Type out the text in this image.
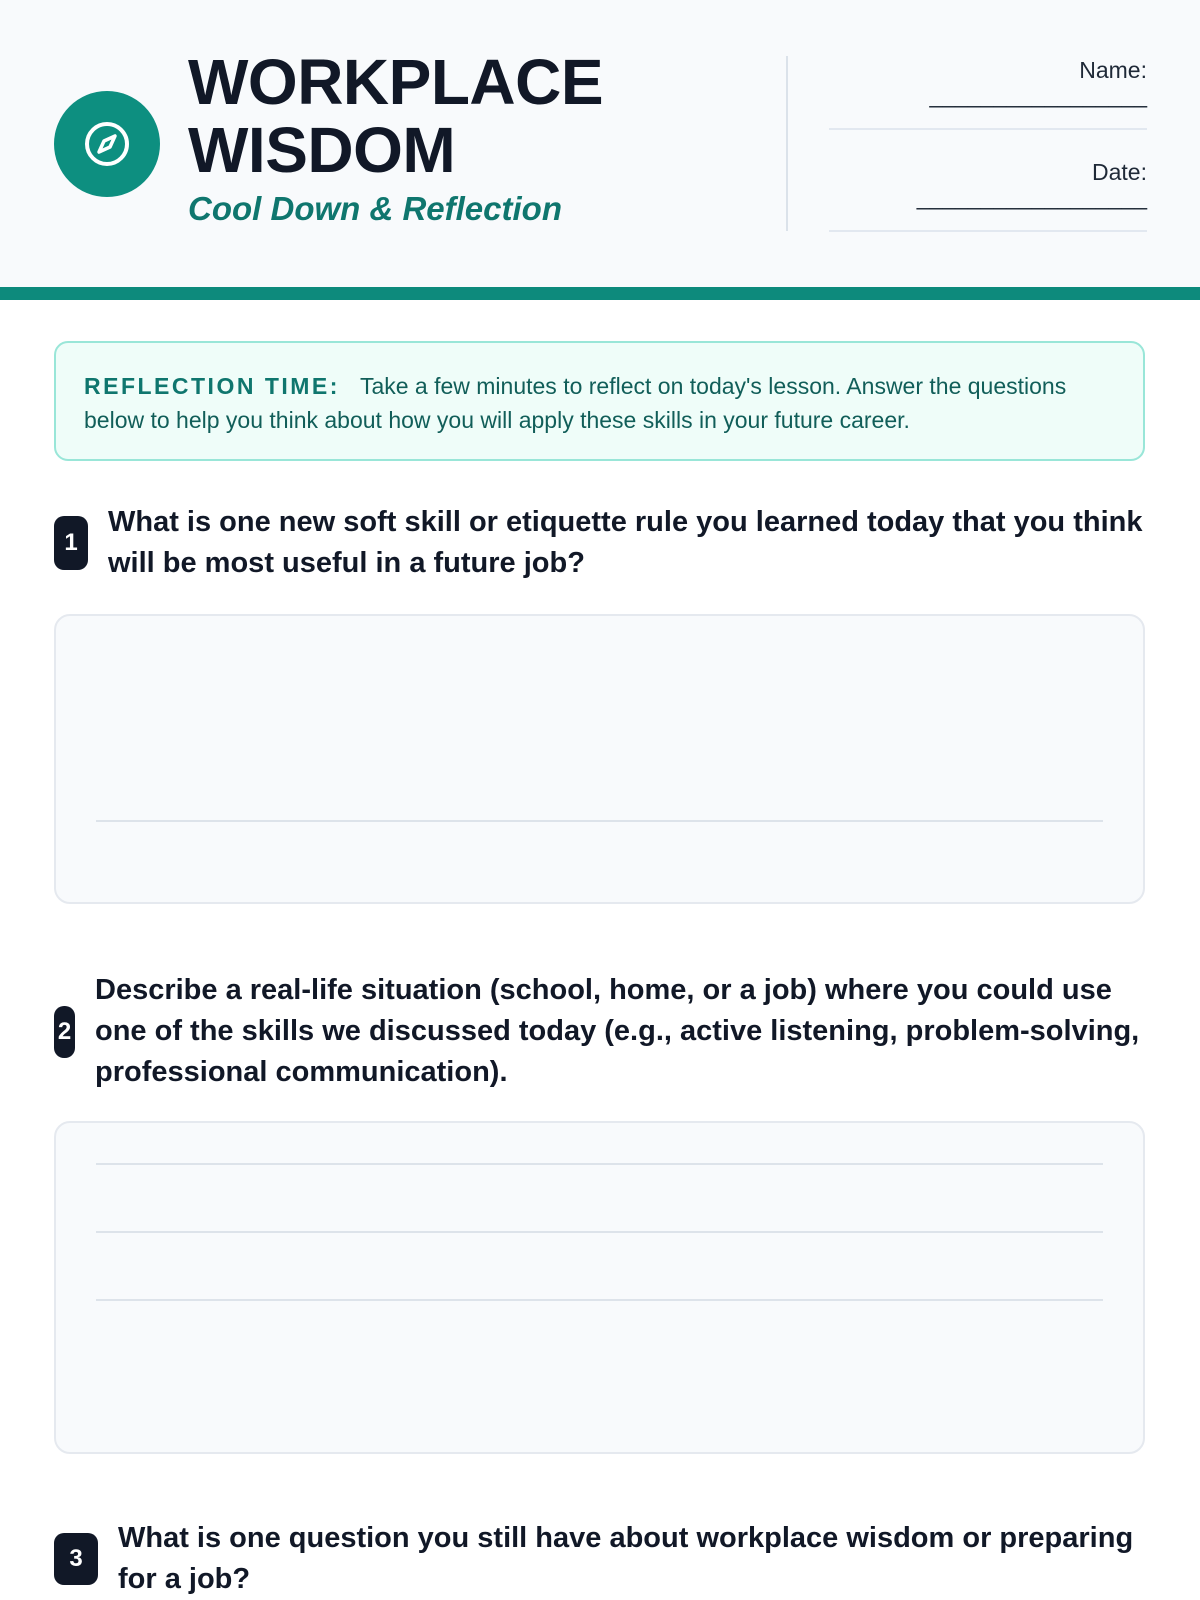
WORKPLACE
WISDOM
Cool Down & Reflection
Name:
_________________
Date:
__________________
REFLECTION TIME: Take a few minutes to reflect on today's lesson. Answer the questions below to help you think about how you will apply these skills in your future career.
1
What is one new soft skill or etiquette rule you learned today that you think will be most useful in a future job?
2
Describe a real-life situation (school, home, or a job) where you could use one of the skills we discussed today (e.g., active listening, problem-solving, professional communication).
3
What is one question you still have about workplace wisdom or preparing for a job?
